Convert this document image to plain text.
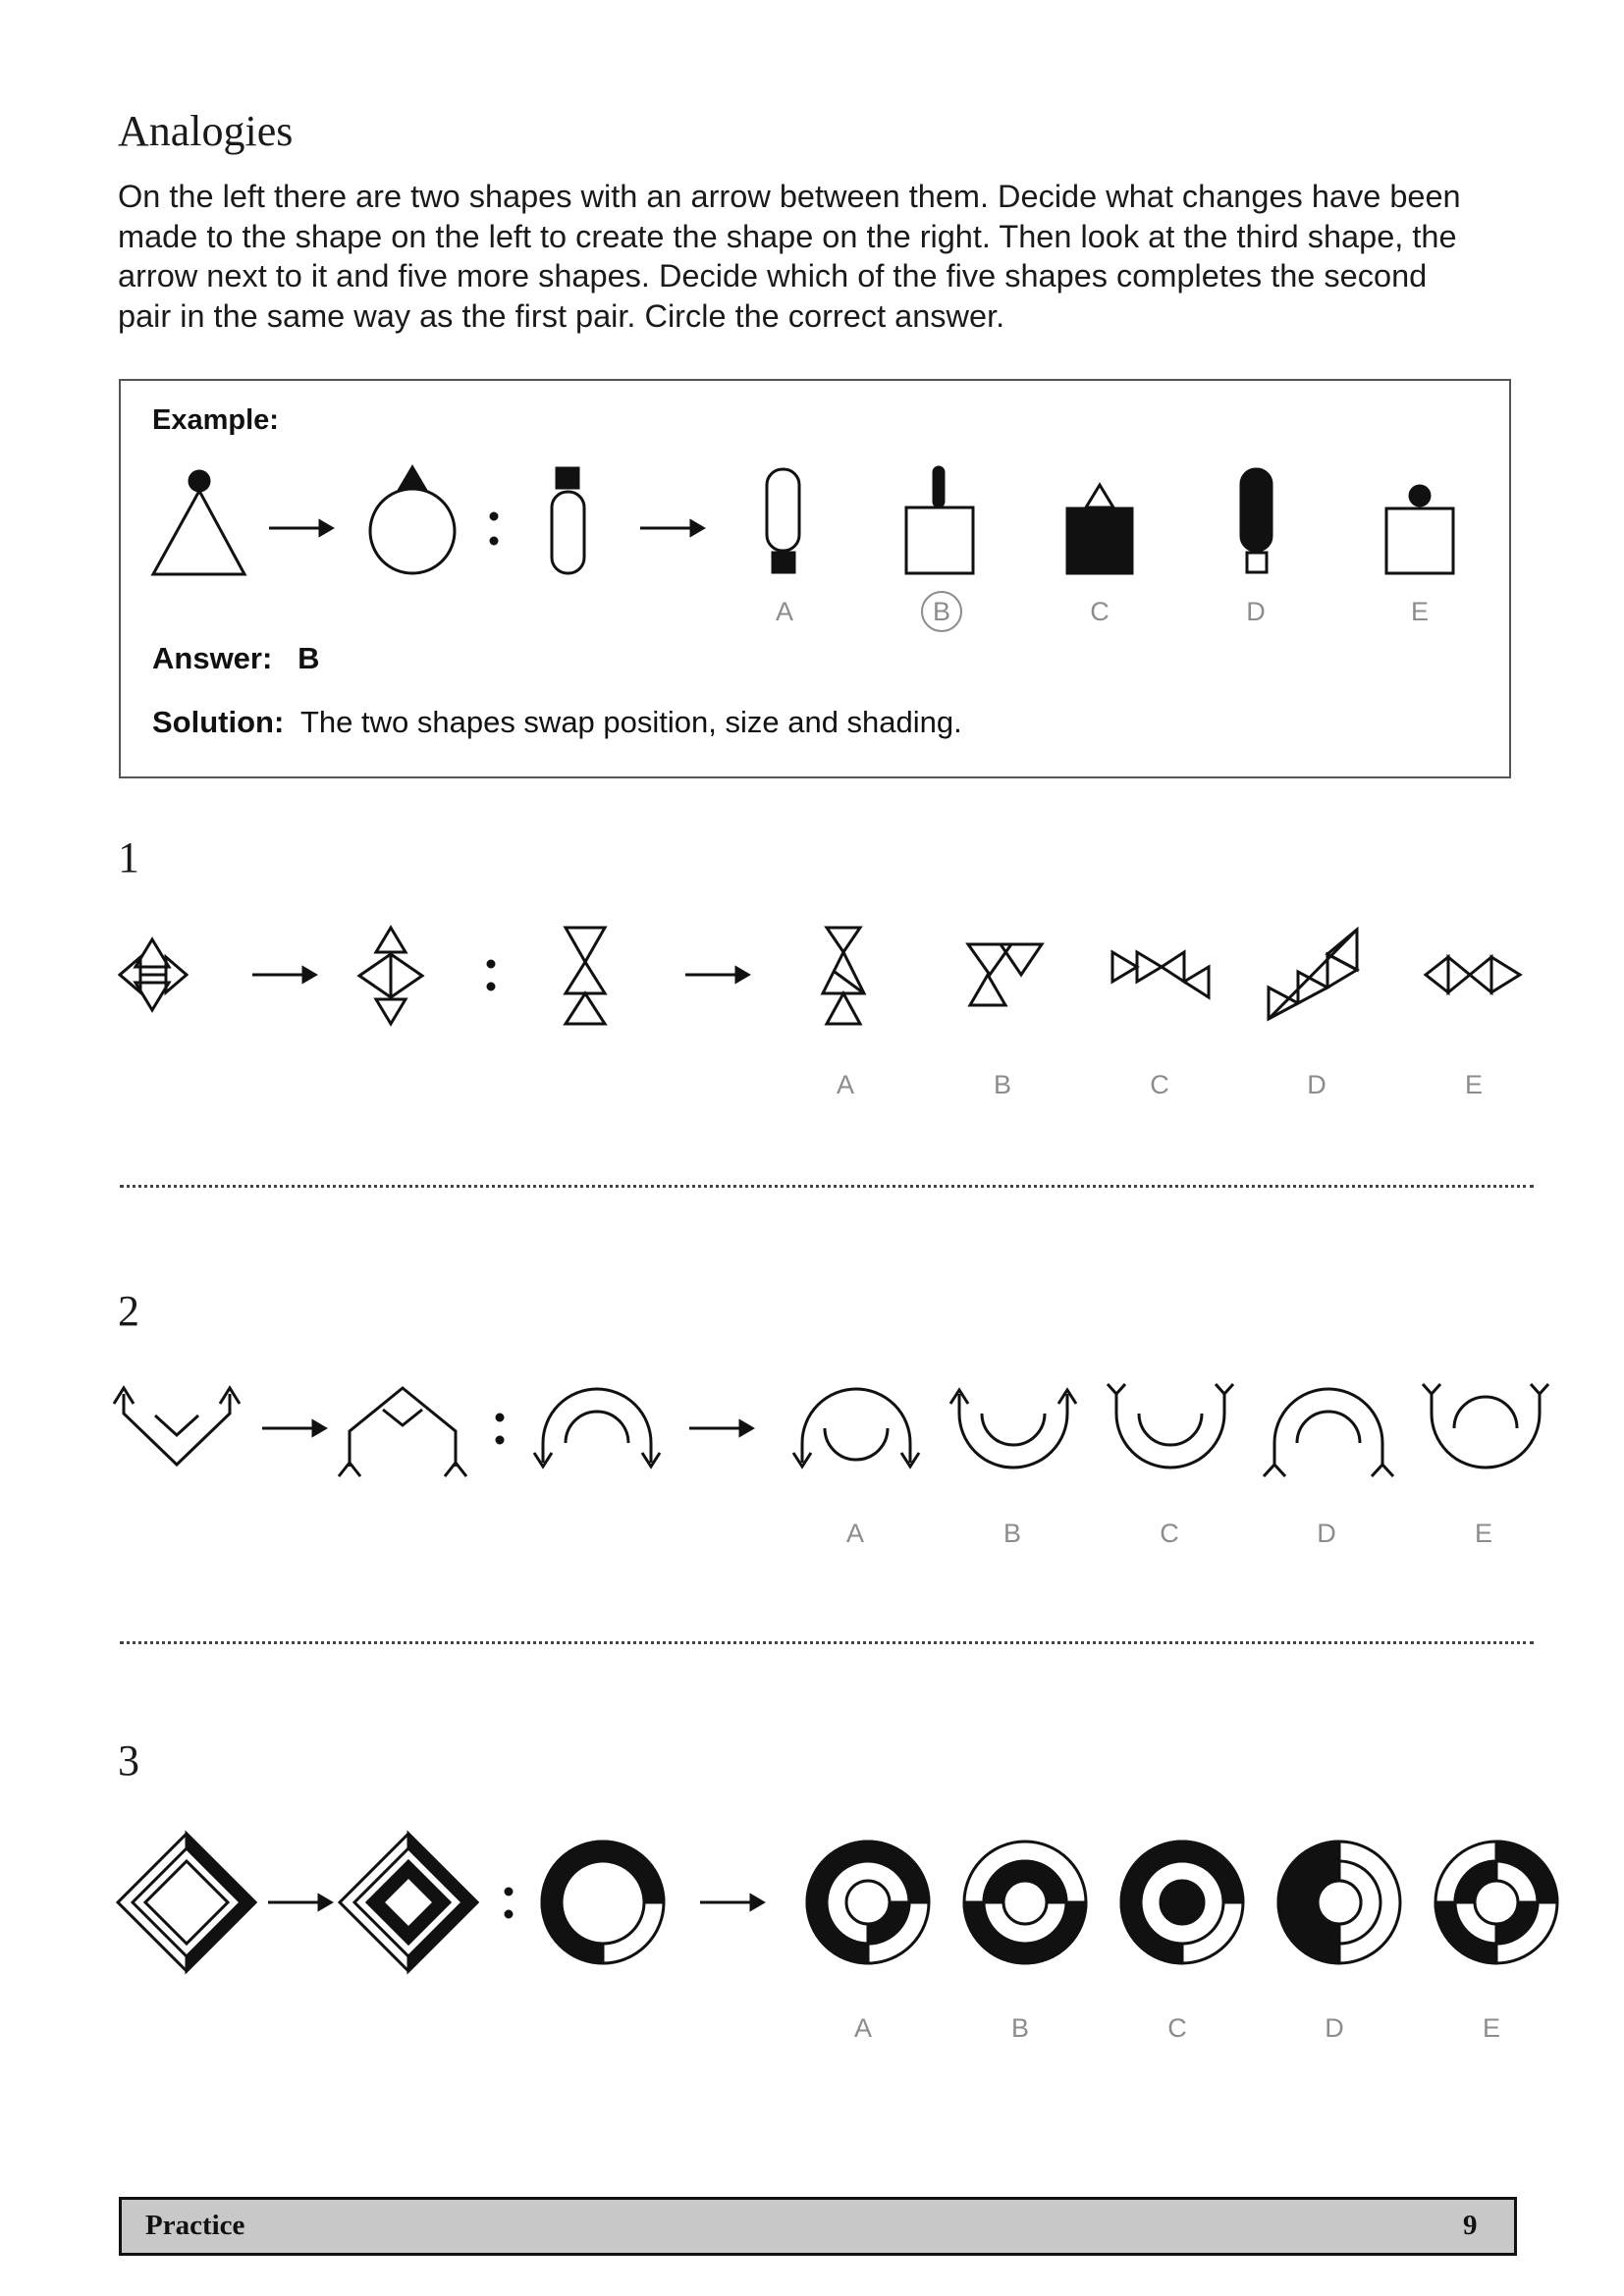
Analogies
On the left there are two shapes with an arrow between them. Decide what changes have been
made to the shape on the left to create the shape on the right. Then look at the third shape, the
arrow next to it and five more shapes. Decide which of the five shapes completes the second
pair in the same way as the first pair. Circle the correct answer.
Example:
A	B	C	D	E
Answer: B
Solution: The two shapes swap position, size and shading.
1
A	B	C	D	E
2
A	B	C	D	E
3
A	B	C	D	E
Practice	9
